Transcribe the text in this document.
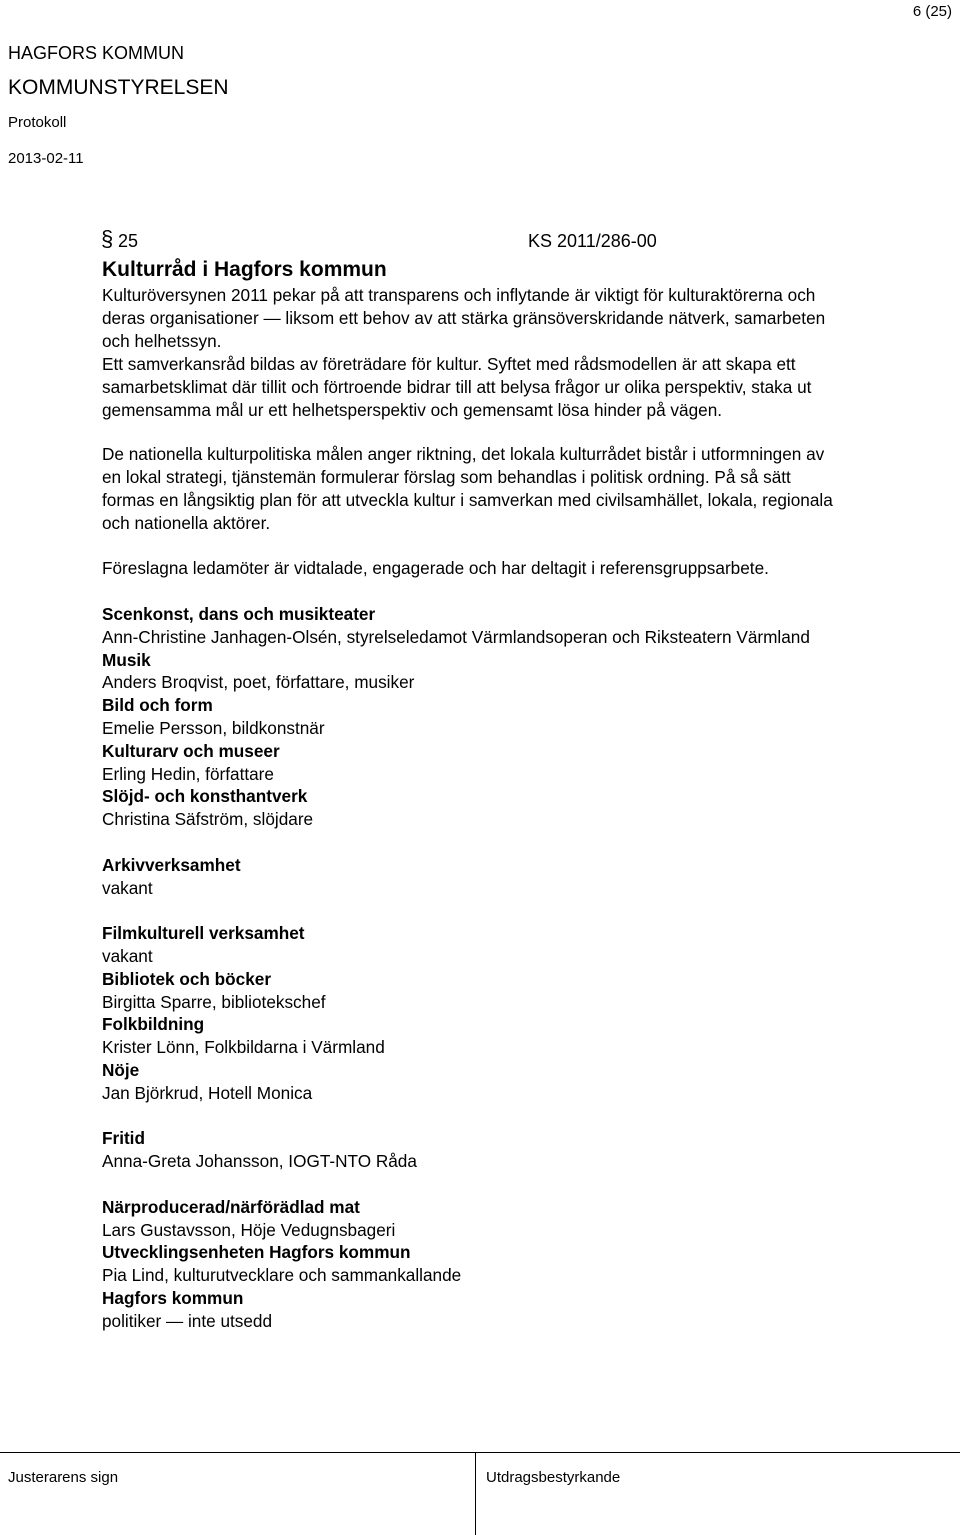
6 (25)
HAGFORS KOMMUN
KOMMUNSTYRELSEN
Protokoll
2013-02-11
§ 25	KS 2011/286-00
Kulturråd i Hagfors kommun
Kulturöversynen 2011 pekar på att transparens och inflytande är viktigt för kulturaktörerna och
deras organisationer — liksom ett behov av att stärka gränsöverskridande nätverk, samarbeten
och helhetssyn.
Ett samverkansråd bildas av företrädare för kultur. Syftet med rådsmodellen är att skapa ett
samarbetsklimat där tillit och förtroende bidrar till att belysa frågor ur olika perspektiv, staka ut
gemensamma mål ur ett helhetsperspektiv och gemensamt lösa hinder på vägen.
De nationella kulturpolitiska målen anger riktning, det lokala kulturrådet bistår i utformningen av
en lokal strategi, tjänstemän formulerar förslag som behandlas i politisk ordning. På så sätt
formas en långsiktig plan för att utveckla kultur i samverkan med civilsamhället, lokala, regionala
och nationella aktörer.
Föreslagna ledamöter är vidtalade, engagerade och har deltagit i referensgruppsarbete.
Scenkonst, dans och musikteater
Ann-Christine Janhagen-Olsén, styrelseledamot Värmlandsoperan och Riksteatern Värmland
Musik
Anders Broqvist, poet, författare, musiker
Bild och form
Emelie Persson, bildkonstnär
Kulturarv och museer
Erling Hedin, författare
Slöjd- och konsthantverk
Christina Säfström, slöjdare
Arkivverksamhet
vakant
Filmkulturell verksamhet
vakant
Bibliotek och böcker
Birgitta Sparre, bibliotekschef
Folkbildning
Krister Lönn, Folkbildarna i Värmland
Nöje
Jan Björkrud, Hotell Monica
Fritid
Anna-Greta Johansson, IOGT-NTO Råda
Närproducerad/närförädlad mat
Lars Gustavsson, Höje Vedugnsbageri
Utvecklingsenheten Hagfors kommun
Pia Lind, kulturutvecklare och sammankallande
Hagfors kommun
politiker — inte utsedd
Justerarens sign	Utdragsbestyrkande
